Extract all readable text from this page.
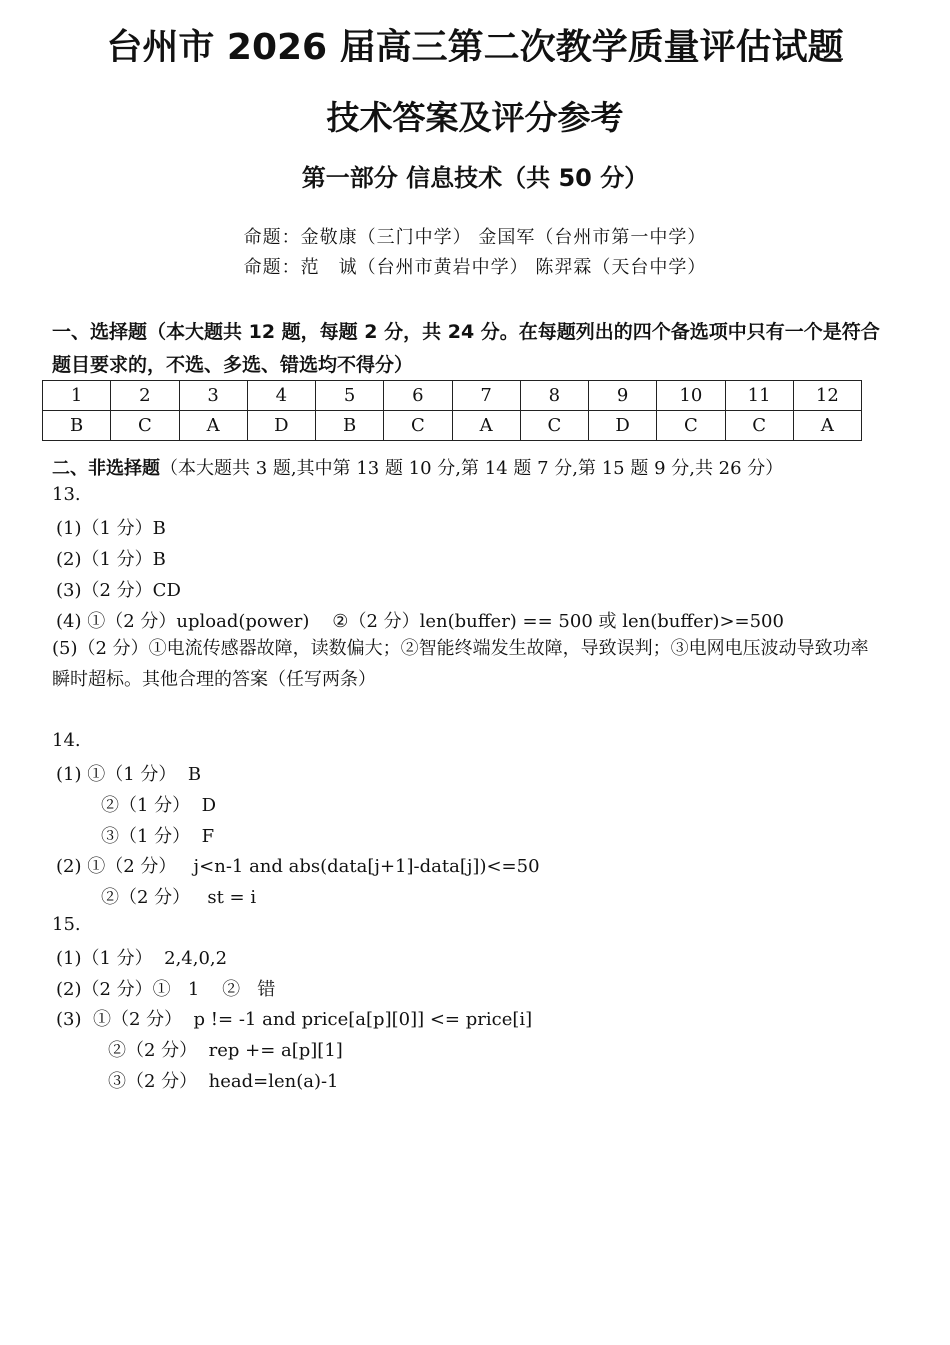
台州市 2026 届高三第二次教学质量评估试题
技术答案及评分参考
第一部分 信息技术（共 50 分）
命题：金敬康（三门中学） 金国军（台州市第一中学）
命题：范　诚（台州市黄岩中学） 陈羿霖（天台中学）
一、选择题（本大题共 12 题，每题 2 分，共 24 分。在每题列出的四个备选项中只有一个是符合题目要求的，不选、多选、错选均不得分）
1	2	3	4	5	6	7	8	9	10	11	12
B	C	A	D	B	C	A	C	D	C	C	A
二、非选择题（本大题共 3 题,其中第 13 题 10 分,第 14 题 7 分,第 15 题 9 分,共 26 分）
13.
(1)（1 分）B
(2)（1 分）B
(3)（2 分）CD
(4) ①（2 分）upload(power)    ②（2 分）len(buffer) == 500 或 len(buffer)>=500
(5)（2 分）①电流传感器故障，读数偏大；②智能终端发生故障，导致误判；③电网电压波动导致功率瞬时超标。其他合理的答案（任写两条）
14.
(1) ①（1 分）  B
②（1 分）  D
③（1 分）  F
(2) ①（2 分）   j<n-1 and abs(data[j+1]-data[j])<=50
②（2 分）   st = i
15.
(1)（1 分）  2,4,0,2
(2)（2 分）①   1    ②   错
(3)  ①（2 分）  p != -1 and price[a[p][0]] <= price[i]
②（2 分）  rep += a[p][1]
③（2 分）  head=len(a)-1
